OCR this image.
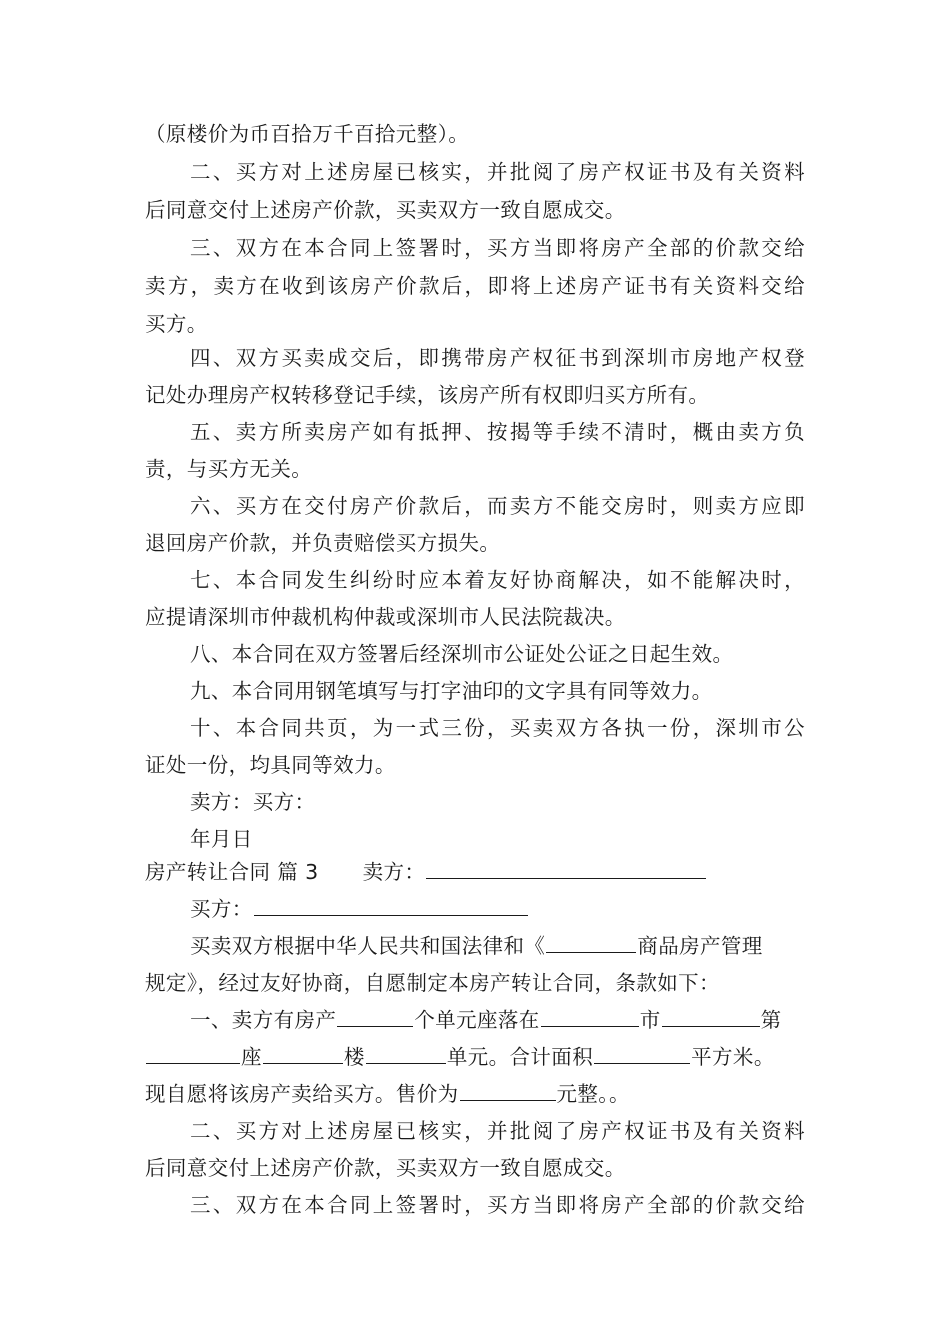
（原楼价为币百拾万千百拾元整）。
二、买方对上述房屋已核实，并批阅了房产权证书及有关资料
后同意交付上述房产价款，买卖双方一致自愿成交。
三、双方在本合同上签署时，买方当即将房产全部的价款交给
卖方，卖方在收到该房产价款后，即将上述房产证书有关资料交给
买方。
四、双方买卖成交后，即携带房产权征书到深圳市房地产权登
记处办理房产权转移登记手续，该房产所有权即归买方所有。
五、卖方所卖房产如有抵押、按揭等手续不清时，概由卖方负
责，与买方无关。
六、买方在交付房产价款后，而卖方不能交房时，则卖方应即
退回房产价款，并负责赔偿买方损失。
七、本合同发生纠纷时应本着友好协商解决，如不能解决时，
应提请深圳市仲裁机构仲裁或深圳市人民法院裁决。
八、本合同在双方签署后经深圳市公证处公证之日起生效。
九、本合同用钢笔填写与打字油印的文字具有同等效力。
十、本合同共页，为一式三份，买卖双方各执一份，深圳市公
证处一份，均具同等效力。
卖方：买方：
年月日
房产转让合同 篇 3 卖方：
买方：
买卖双方根据中华人民共和国法律和《	商品房产管理
规定》，经过友好协商，自愿制定本房产转让合同，条款如下：
一、卖方有房产	个单元座落在	市	第
座	楼	单元。合计面积	平方米。
现自愿将该房产卖给买方。售价为	元整。。
二、买方对上述房屋已核实，并批阅了房产权证书及有关资料
后同意交付上述房产价款，买卖双方一致自愿成交。
三、双方在本合同上签署时，买方当即将房产全部的价款交给
